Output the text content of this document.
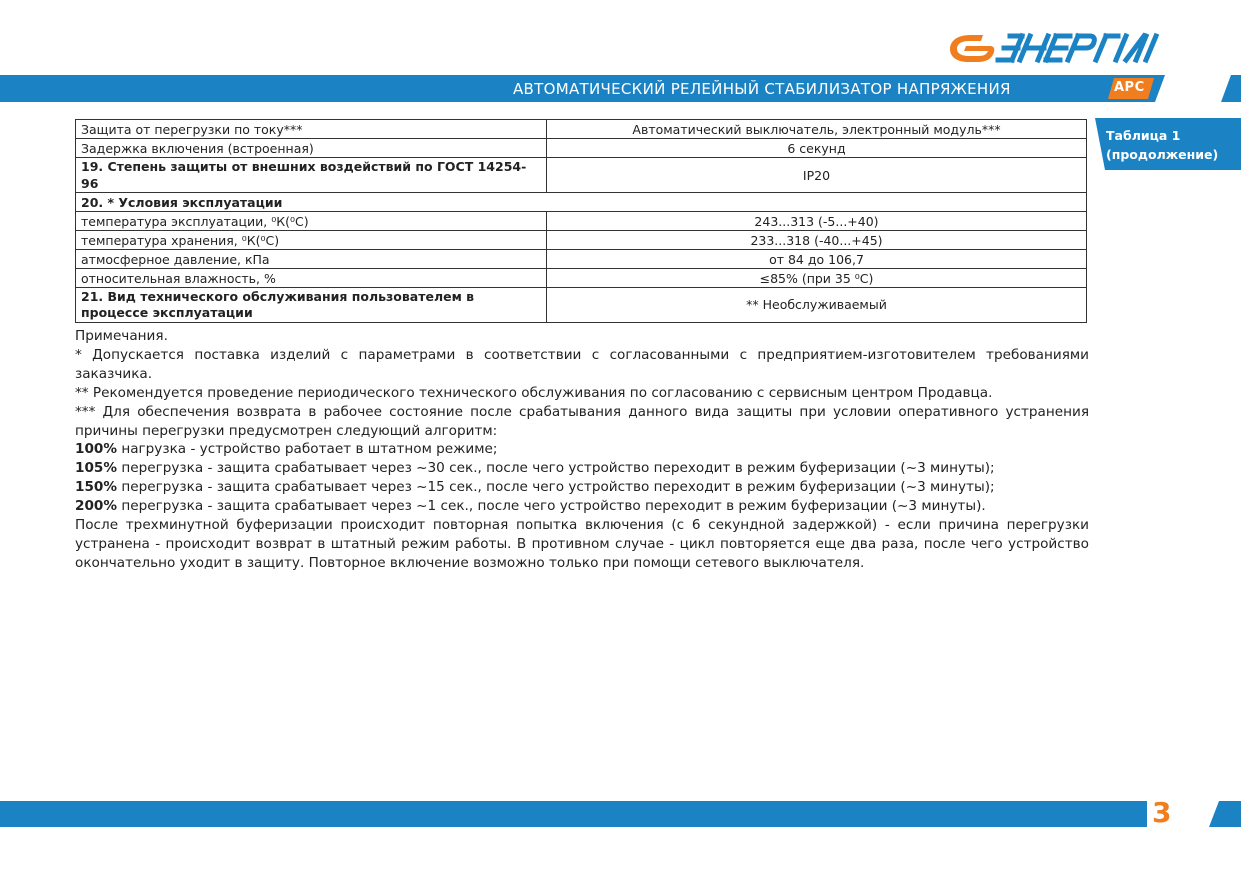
АВТОМАТИЧЕСКИЙ РЕЛЕЙНЫЙ СТАБИЛИЗАТОР НАПРЯЖЕНИЯ	АРС
Таблица 1
(продолжение)
Защита от перегрузки по току***	Автоматический выключатель, электронный модуль***
Задержка включения (встроенная)	6 секунд
19. Степень защиты от внешних воздействий по ГОСТ 14254-96	IP20
20. * Условия эксплуатации	
температура эксплуатации, ⁰К(⁰С)	243...313 (-5...+40)
температура хранения, ⁰К(⁰С)	233...318 (-40...+45)
атмосферное давление, кПа	от 84 до 106,7
относительная влажность, %	≤85% (при 35 ⁰С)
21. Вид технического обслуживания пользователем в процессе эксплуатации	** Необслуживаемый

Примечания.

* Допускается поставка изделий с параметрами в соответствии с согласованными с предприятием-изготовителем требованиями заказчика.

** Рекомендуется проведение периодического технического обслуживания по согласованию с сервисным центром Продавца.

*** Для обеспечения возврата в рабочее состояние после срабатывания данного вида защиты при условии оперативного устранения причины перегрузки предусмотрен следующий алгоритм:

100% нагрузка - устройство работает в штатном режиме;

105% перегрузка - защита срабатывает через ~30 сек., после чего устройство переходит в режим буферизации (~3 минуты);

150% перегрузка - защита срабатывает через ~15 сек., после чего устройство переходит в режим буферизации (~3 минуты);

200% перегрузка - защита срабатывает через ~1 сек., после чего устройство переходит в режим буферизации (~3 минуты).

После трехминутной буферизации происходит повторная попытка включения (с 6 секундной задержкой) - если причина перегрузки устранена - происходит возврат в штатный режим работы. В противном случае - цикл повторяется еще два раза, после чего устройство окончательно уходит в защиту. Повторное включение возможно только при помощи сетевого выключателя.

3
